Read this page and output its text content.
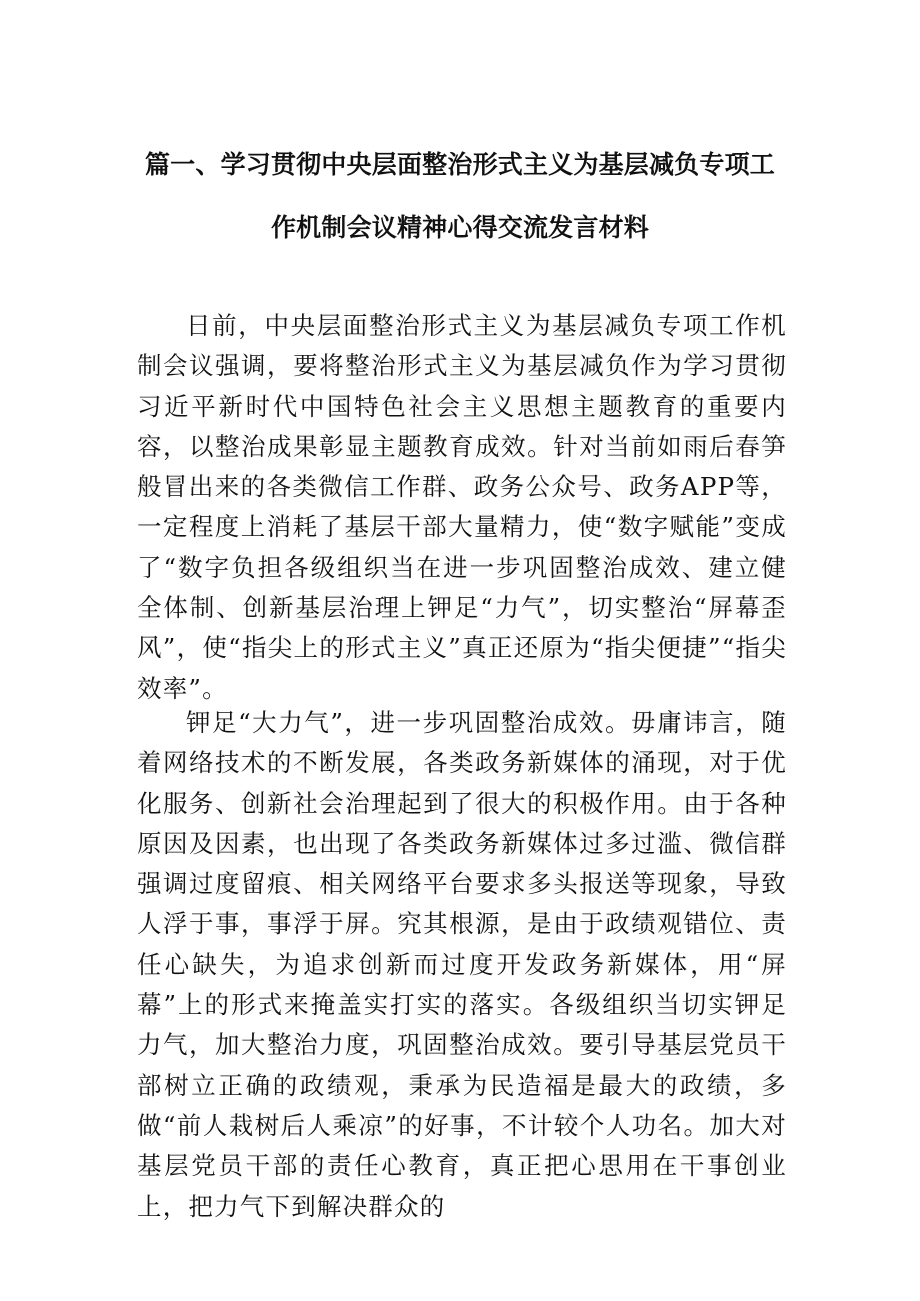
篇一、学习贯彻中央层面整治形式主义为基层减负专项工
作机制会议精神心得交流发言材料

日前，中央层面整治形式主义为基层减负专项工作机制会议强调，要将整治形式主义为基层减负作为学习贯彻习近平新时代中国特色社会主义思想主题教育的重要内容，以整治成果彰显主题教育成效。针对当前如雨后春笋般冒出来的各类微信工作群、政务公众号、政务APP等，一定程度上消耗了基层干部大量精力，使“数字赋能”变成了“数字负担各级组织当在进一步巩固整治成效、建立健全体制、创新基层治理上钾足“力气”，切实整治“屏幕歪风”，使“指尖上的形式主义”真正还原为“指尖便捷”“指尖效率”。

钾足“大力气”，进一步巩固整治成效。毋庸讳言，随着网络技术的不断发展，各类政务新媒体的涌现，对于优化服务、创新社会治理起到了很大的积极作用。由于各种原因及因素，也出现了各类政务新媒体过多过滥、微信群强调过度留痕、相关网络平台要求多头报送等现象，导致人浮于事，事浮于屏。究其根源，是由于政绩观错位、责任心缺失，为追求创新而过度开发政务新媒体，用“屏幕”上的形式来掩盖实打实的落实。各级组织当切实钾足力气，加大整治力度，巩固整治成效。要引导基层党员干部树立正确的政绩观，秉承为民造福是最大的政绩，多做“前人栽树后人乘凉”的好事，不计较个人功名。加大对基层党员干部的责任心教育，真正把心思用在干事创业上，把力气下到解决群众的
